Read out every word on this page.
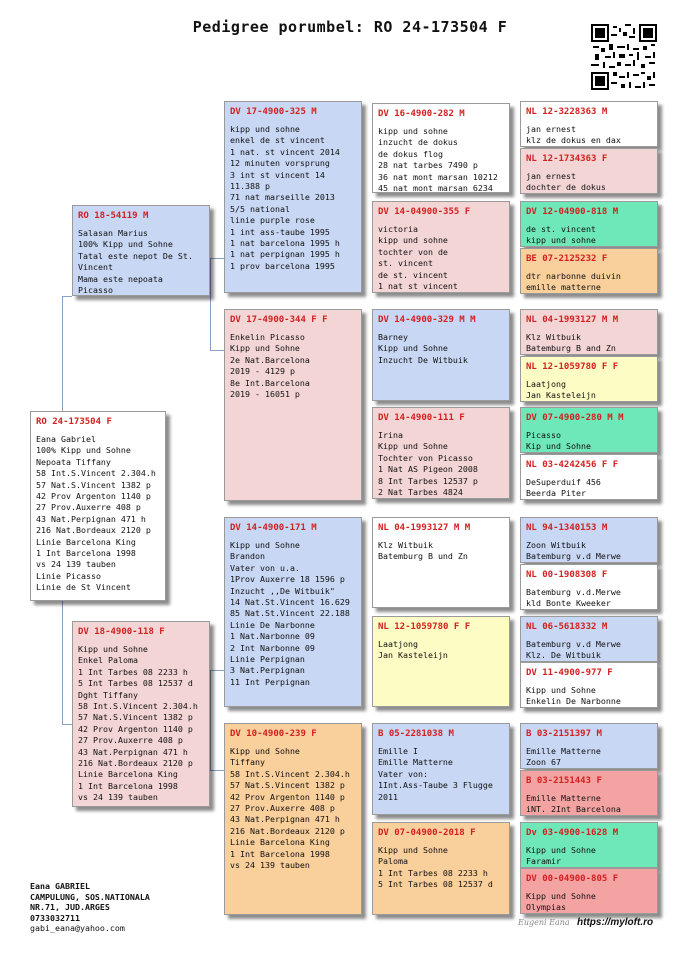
Pedigree porumbel: RO 24-173504 F
RO 24-173504 F
Eana Gabriel
100% Kipp und Sohne
Nepoata Tiffany
58 Int.S.Vincent 2.304.h
57 Nat.S.Vincent 1382 p
42 Prov Argenton 1140 p
27 Prov.Auxerre 408 p
43 Nat.Perpignan 471 h
216 Nat.Bordeaux 2120 p
Linie Barcelona King
1 Int Barcelona 1998
vs 24 139 tauben
Linie Picasso
Linie de St Vincent
RO 18-54119 M
Salasan Marius
100% Kipp und Sohne
Tatal este nepot De St.
Vincent
Mama este nepoata
Picasso
DV 18-4900-118 F
Kipp und Sohne
Enkel Paloma
1 Int Tarbes 08 2233 h
5 Int Tarbes 08 12537 d
Dght Tiffany
58 Int.S.Vincent 2.304.h
57 Nat.S.Vincent 1382 p
42 Prov Argenton 1140 p
27 Prov.Auxerre 408 p
43 Nat.Perpignan 471 h
216 Nat.Bordeaux 2120 p
Linie Barcelona King
1 Int Barcelona 1998
vs 24 139 tauben
DV 17-4900-325 M
kipp und sohne
enkel de st vincent
1 nat. st vincent 2014
12 minuten vorsprung
3 int st vincent 14
11.388 p
71 nat marseille 2013
5/5 national
linie purple rose
1 int ass-taube 1995
1 nat barcelona 1995 h
1 nat perpignan 1995 h
1 prov barcelona 1995
DV 17-4900-344 F F
Enkelin Picasso
Kipp und Sohne
2e Nat.Barcelona
2019 - 4129 p
8e Int.Barcelona
2019 - 16051 p
DV 14-4900-171 M
Kipp und Sohne
Brandon
Vater von u.a.
1Prov Auxerre 18 1596 p
Inzucht ,,De Witbuik"
14 Nat.St.Vincent 16.629
85 Nat.St.Vincent 22.188
Linie De Narbonne
1 Nat.Narbonne 09
2 Int Narbonne 09
Linie Perpignan
3 Nat.Perpignan
11 Int Perpignan
DV 10-4900-239 F
Kipp und Sohne
Tiffany
58 Int.S.Vincent 2.304.h
57 Nat.S.Vincent 1382 p
42 Prov Argenton 1140 p
27 Prov.Auxerre 408 p
43 Nat.Perpignan 471 h
216 Nat.Bordeaux 2120 p
Linie Barcelona King
1 Int Barcelona 1998
vs 24 139 tauben
DV 16-4900-282 M
kipp und sohne
inzucht de dokus
de dokus flog
28 nat tarbes 7490 p
36 nat mont marsan 10212
45 nat mont marsan 6234
DV 14-04900-355 F
victoria
kipp und sohne
tochter von de
st. vincent
de st. vincent
1 nat st vincent
DV 14-4900-329 M M
Barney
Kipp und Sohne
Inzucht De Witbuik
DV 14-4900-111 F
Irina
Kipp und Sohne
Tochter von Picasso
1 Nat AS Pigeon 2008
8 Int Tarbes 12537 p
2 Nat Tarbes 4824
NL 04-1993127 M M
Klz Witbuik
Batemburg B und Zn
NL 12-1059780 F F
Laatjong
Jan Kasteleijn
B 05-2281038 M
Emille I
Emille Matterne
Vater von:
1Int.Ass-Taube 3 Flugge
2011
DV 07-04900-2018 F
Kipp und Sohne
Paloma
1 Int Tarbes 08 2233 h
5 Int Tarbes 08 12537 d
NL 12-3228363 M
jan ernest
klz de dokus en dax
NL 12-1734363 F
jan ernest
dochter de dokus
DV 12-04900-818 M
de st. vincent
kipp und sohne
BE 07-2125232 F
dtr narbonne duivin
emille matterne
NL 04-1993127 M M
Klz Witbuik
Batemburg B and Zn
NL 12-1059780 F F
Laatjong
Jan Kasteleijn
DV 07-4900-280 M M
Picasso
Kip und Sohne
NL 03-4242456 F F
DeSuperduif 456
Beerda Piter
NL 94-1340153 M
Zoon Witbuik
Batemburg v.d Merwe
NL 00-1908308 F
Batemburg v.d.Merwe
kld Bonte Kweeker
NL 06-5618332 M
Batemburg v.d Merwe
Klz. De Witbuik
DV 11-4900-977 F
Kipp und Sohne
Enkelin De Narbonne
B 03-2151397 M
Emille Matterne
Zoon 67
B 03-2151443 F
Emille Matterne
iNT. 2Int Barcelona
Dv 03-4900-1628 M
Kipp und Sohne
Faramir
DV 00-04900-805 F
Kipp und Sohne
Olympias
Eana GABRIEL
CAMPULUNG, SOS.NATIONALA
NR.71, JUD.ARGES
0733032711
gabi_eana@yahoo.com
Eugeni Eana https://myloft.ro
